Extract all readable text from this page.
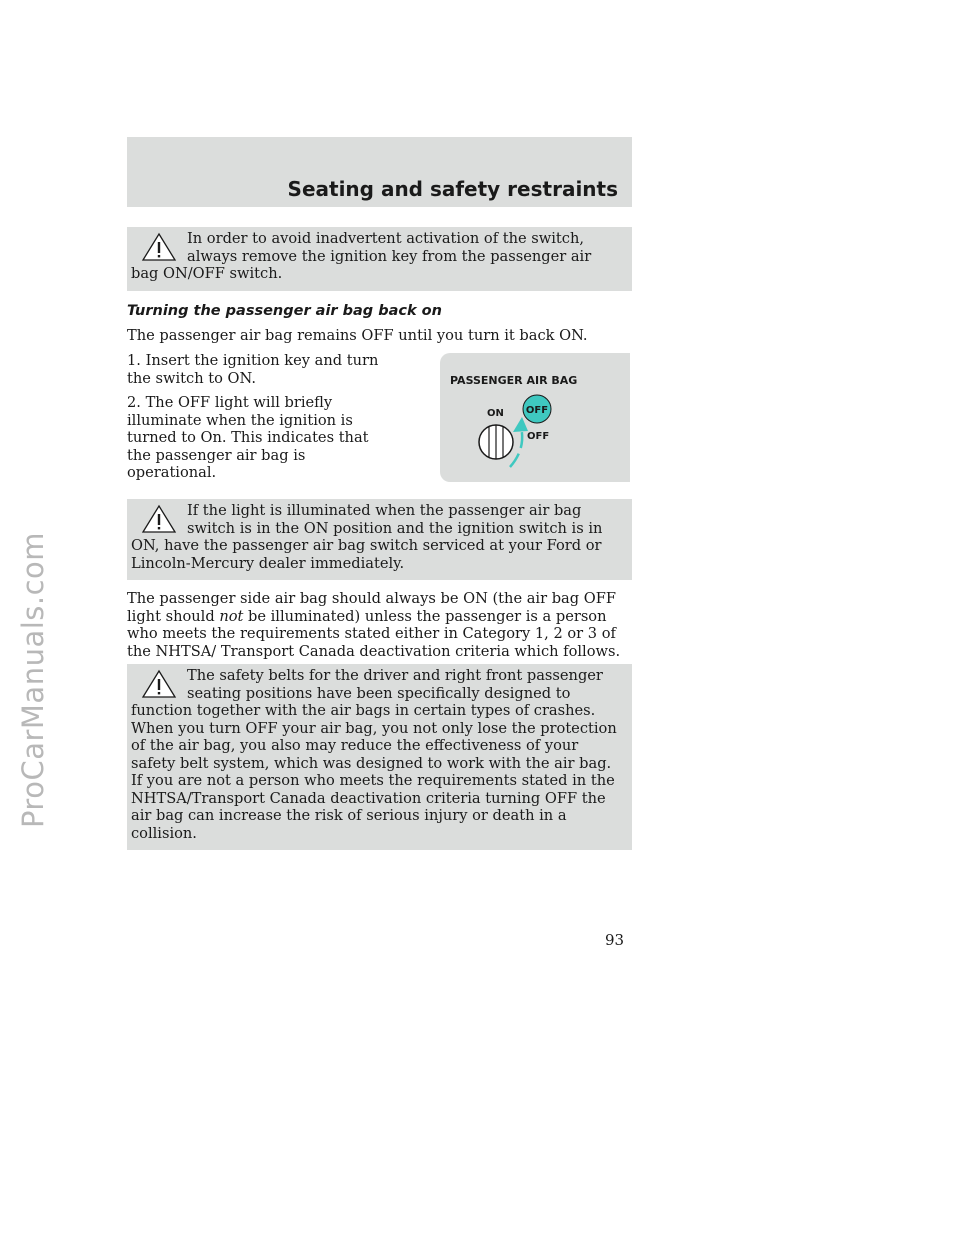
ProCarManuals.com
Seating and safety restraints

In order to avoid inadvertent activation of the switch, always remove the ignition key from the passenger air bag ON/OFF switch.

Turning the passenger air bag back on

The passenger air bag remains OFF until you turn it back ON.

1. Insert the ignition key and turn the switch to ON.

2. The OFF light will briefly illuminate when the ignition is turned to On. This indicates that the passenger air bag is operational.

PASSENGER AIR BAG
ON
OFF
OFF

If the light is illuminated when the passenger air bag switch is in the ON position and the ignition switch is in ON, have the passenger air bag switch serviced at your Ford or Lincoln-Mercury dealer immediately.

The passenger side air bag should always be ON (the air bag OFF light should not be illuminated) unless the passenger is a person who meets the requirements stated either in Category 1, 2 or 3 of the NHTSA/ Transport Canada deactivation criteria which follows.

The safety belts for the driver and right front passenger seating positions have been specifically designed to function together with the air bags in certain types of crashes. When you turn OFF your air bag, you not only lose the protection of the air bag, you also may reduce the effectiveness of your safety belt system, which was designed to work with the air bag. If you are not a person who meets the requirements stated in the NHTSA/Transport Canada deactivation criteria turning OFF the air bag can increase the risk of serious injury or death in a collision.

93
